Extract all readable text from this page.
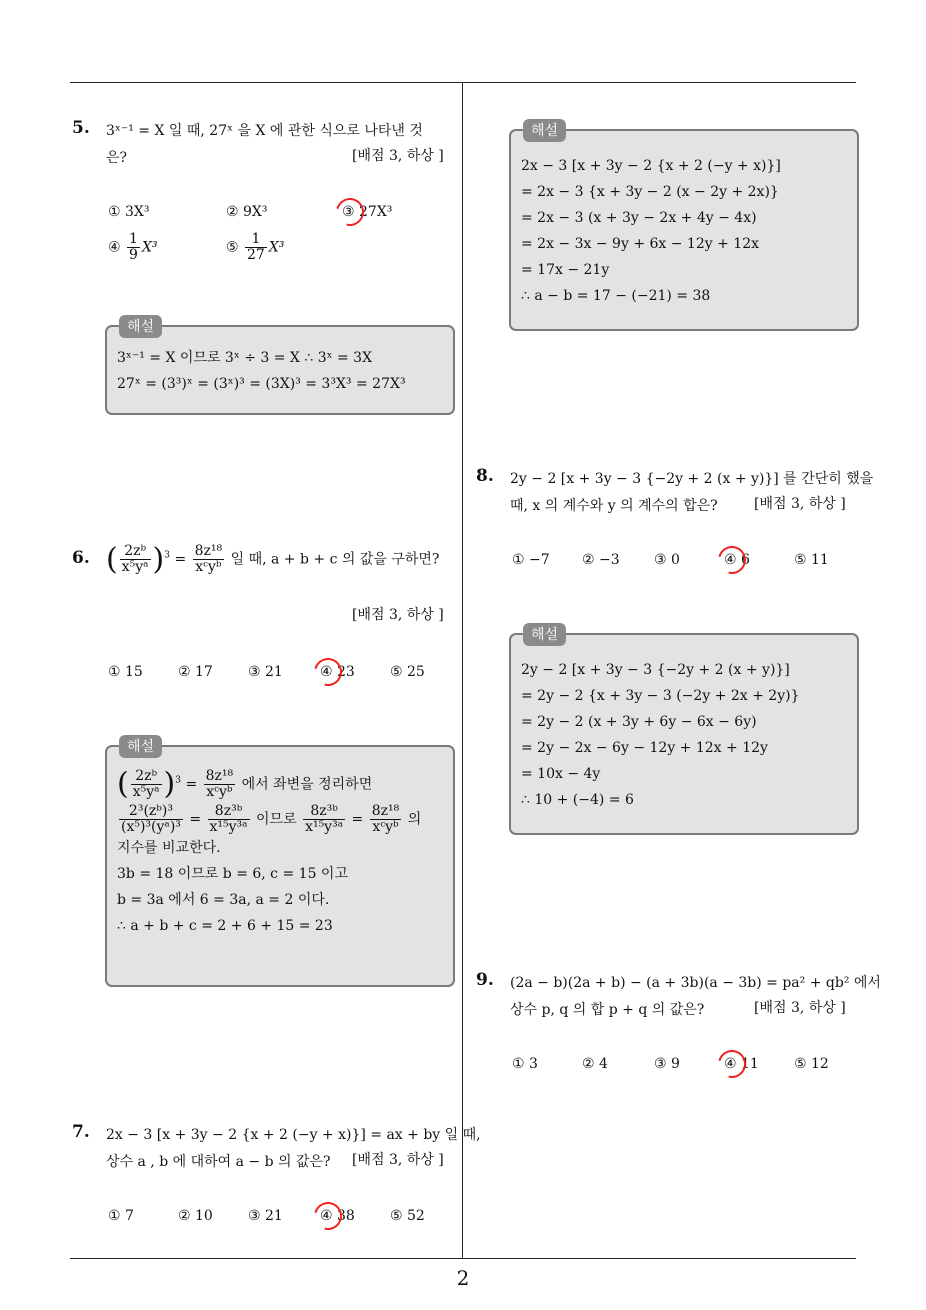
2
5. 3ˣ⁻¹ = X 일 때, 27ˣ 을 X 에 관한 식으로 나타낸 것
은?	[배점 3, 하상 ]
① 3X³	② 9X³	③ 27X³
④ $\frac{1}{9} X^3$	⑤ $\frac{1}{27} X^3$
해설
3ˣ⁻¹ = X 이므로 3ˣ ÷ 3 = X ∴ 3ˣ = 3X
27ˣ = (3³)ˣ = (3ˣ)³ = (3X)³ = 3³X³ = 27X³
6. ( $\frac{\text{2zᵇ}}{\text{x⁵yᵃ}} )^3 = \frac{\text{8z¹⁸}}{\text{xᶜyᵇ}}$ 일 때, a + b + c 의 값을 구하면?
[배점 3, 하상 ]
① 15	② 17	③ 21	④ 23	⑤ 25
해설
( $\frac{\text{2zᵇ}}{\text{x⁵yᵃ}} )^3 = \frac{\text{8z¹⁸}}{\text{xᶜyᵇ}}$ 에서 좌변을 정리하면
$\frac{\text{2³(zᵇ)³}}{\text{(x⁵)³(yᵃ)³}} = \frac{\text{8z³ᵇ}}{\text{x¹⁵y³ᵃ}}$ 이므로 $\frac{\text{8z³ᵇ}}{\text{x¹⁵y³ᵃ}} = \frac{\text{8z¹⁸}}{\text{xᶜyᵇ}}$ 의
지수를 비교한다.
3b = 18 이므로 b = 6, c = 15 이고
b = 3a 에서 6 = 3a, a = 2 이다.
∴ a + b + c = 2 + 6 + 15 = 23
7. 2x − 3 [x + 3y − 2 {x + 2 (−y + x)}] = ax + by 일 때,
상수 a , b 에 대하여 a − b 의 값은?	[배점 3, 하상 ]
① 7	② 10	③ 21	④ 38	⑤ 52
해설
2x − 3 [x + 3y − 2 {x + 2 (−y + x)}]
= 2x − 3 {x + 3y − 2 (x − 2y + 2x)}
= 2x − 3 (x + 3y − 2x + 4y − 4x)
= 2x − 3x − 9y + 6x − 12y + 12x
= 17x − 21y
∴ a − b = 17 − (−21) = 38
8. 2y − 2 [x + 3y − 3 {−2y + 2 (x + y)}] 를 간단히 했을
때, x 의 계수와 y 의 계수의 합은?	[배점 3, 하상 ]
① −7 ② −3 ③ 0	④ 6	⑤ 11
해설
2y − 2 [x + 3y − 3 {−2y + 2 (x + y)}]
= 2y − 2 {x + 3y − 3 (−2y + 2x + 2y)}
= 2y − 2 (x + 3y + 6y − 6x − 6y)
= 2y − 2x − 6y − 12y + 12x + 12y
= 10x − 4y
∴ 10 + (−4) = 6
9. (2a − b)(2a + b) − (a + 3b)(a − 3b) = pa² + qb² 에서
상수 p, q 의 합 p + q 의 값은?	[배점 3, 하상 ]
① 3	② 4	③ 9	④ 11	⑤ 12
